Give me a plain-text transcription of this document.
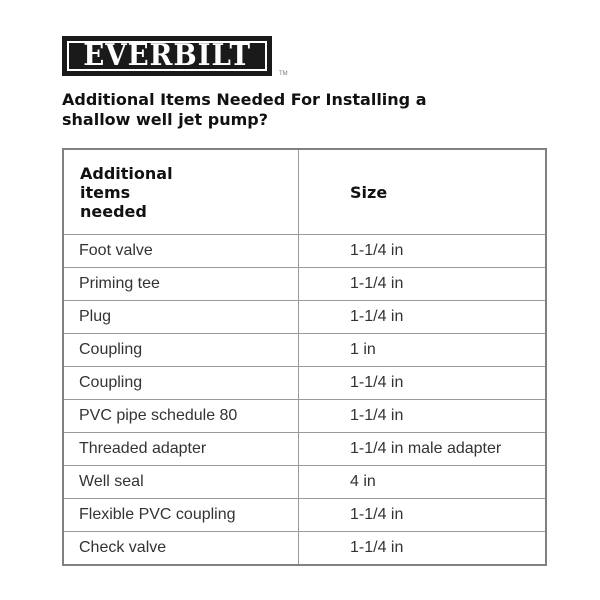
EVERBILT
TM
Additional Items Needed For Installing a
shallow well jet pump?
Additional
items
needed	Size
Foot valve	1-1/4 in
Priming tee	1-1/4 in
Plug	1-1/4 in
Coupling	1 in
Coupling	1-1/4 in
PVC pipe schedule 80	1-1/4 in
Threaded adapter	1-1/4 in male adapter
Well seal	4 in
Flexible PVC coupling	1-1/4 in
Check valve	1-1/4 in
